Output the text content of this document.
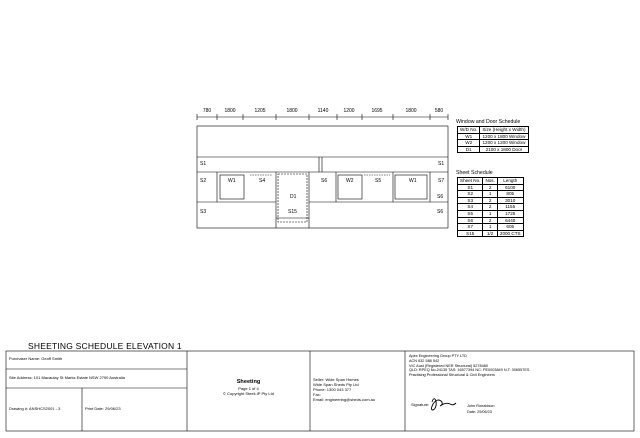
780	1800	1205	1800	1140	1200	1695	1800	580
S1
S2
S3
S1
S7
S6
S6
W1	S4
D1
S15
S6	W2	S5	W1
Window and Door Schedule
W/D No.	Size (Height x Width)
W1	1200 x 1800 Window
W2	1200 x 1200 Window
D1	2100 x 1800 Door
Sheet Schedule
Sheet No.	Nos.	Length
S1	2	6100
S2	1	805
S3	2	3010
S4	2	1155
S5	1	1725
S6	2	6440
S7	1	605
S15	1/2	2000 CTS
SHEETING SCHEDULE ELEVATION 1
Purchaser Name: Geoff Smith
Site Address: 101 Macaulay St Marks Estate NSW 2790 Australia
Drawing #: ANSHCS2001 - 3	Print Date: 29/06/23
Sheeting
Page 1 of 4
© Copyright Steeli-IP Pty Ltd
Seller: Wide Span Homes
Wide Span Sheds Pty Ltd
Phone: 1300 043 377
Fax:
Email: engineering@sheds.com.au
Apex Engineering Group PTY LTD
ACN 632 588 542
VIC Aust (Registered NER Structural) 5278480
QLD: RPEQ No.24135 TAS: 16577394 NC: PE0003849 N.T: 306557ES
Practising Professional Structural & Civil Engineers
Signature:	John Ronaldson
Date: 29/06/23
